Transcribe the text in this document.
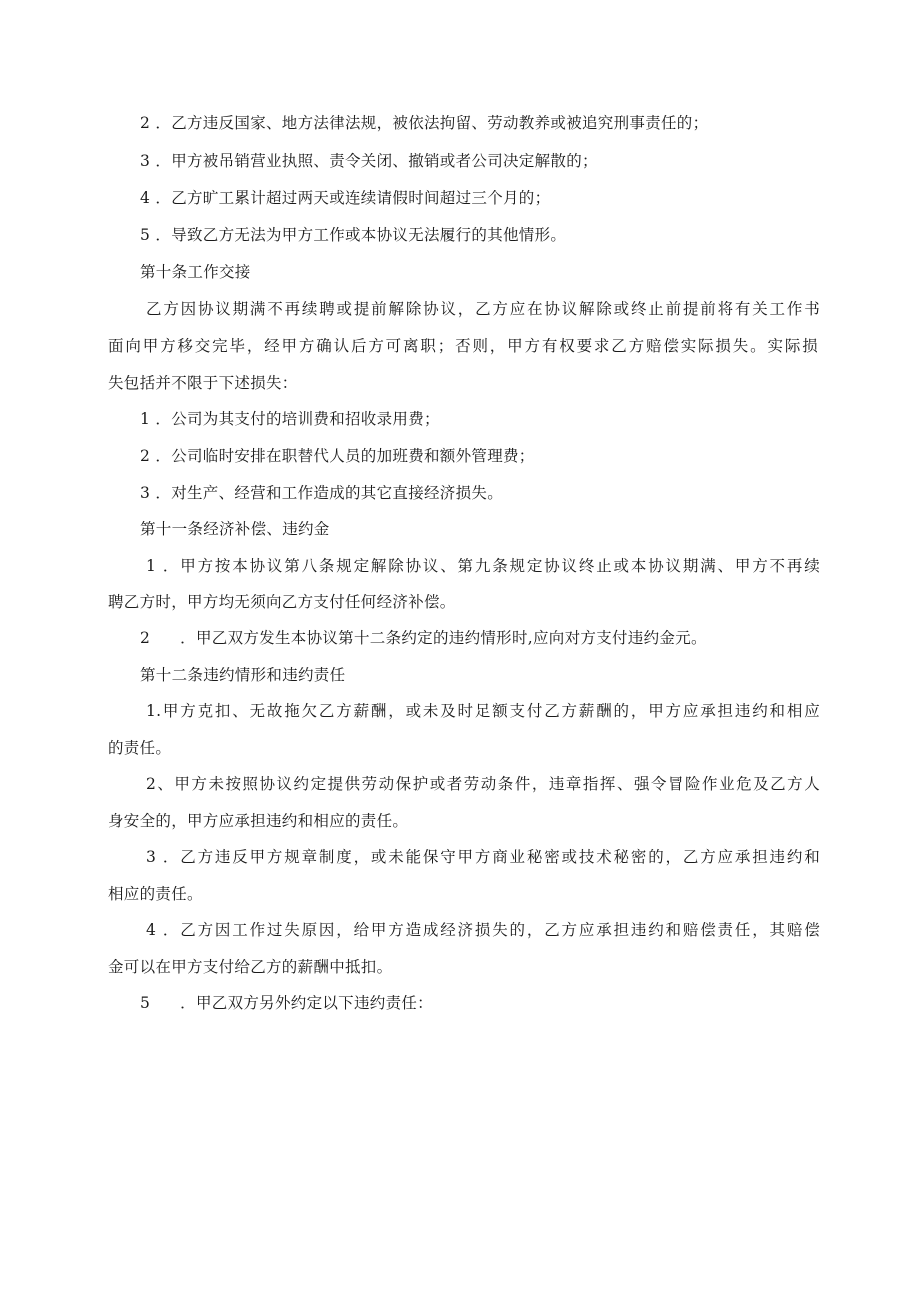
2 ．乙方违反国家、地方法律法规，被依法拘留、劳动教养或被追究刑事责任的；
3 ．甲方被吊销营业执照、责令关闭、撤销或者公司决定解散的；
4 ．乙方旷工累计超过两天或连续请假时间超过三个月的；
5 ．导致乙方无法为甲方工作或本协议无法履行的其他情形。
第十条工作交接
乙方因协议期满不再续聘或提前解除协议，乙方应在协议解除或终止前提前将有关工作书
面向甲方移交完毕，经甲方确认后方可离职；否则，甲方有权要求乙方赔偿实际损失。实际损
失包括并不限于下述损失：
1 ．公司为其支付的培训费和招收录用费；
2 ．公司临时安排在职替代人员的加班费和额外管理费；
3 ．对生产、经营和工作造成的其它直接经济损失。
第十一条经济补偿、违约金
1 ．甲方按本协议第八条规定解除协议、第九条规定协议终止或本协议期满、甲方不再续
聘乙方时，甲方均无须向乙方支付任何经济补偿。
2 ．甲乙双方发生本协议第十二条约定的违约情形时,应向对方支付违约金元。
第十二条违约情形和违约责任
1.甲方克扣、无故拖欠乙方薪酬，或未及时足额支付乙方薪酬的，甲方应承担违约和相应
的责任。
2、甲方未按照协议约定提供劳动保护或者劳动条件，违章指挥、强令冒险作业危及乙方人
身安全的，甲方应承担违约和相应的责任。
3 ．乙方违反甲方规章制度，或未能保守甲方商业秘密或技术秘密的，乙方应承担违约和
相应的责任。
4 ．乙方因工作过失原因，给甲方造成经济损失的，乙方应承担违约和赔偿责任，其赔偿
金可以在甲方支付给乙方的薪酬中抵扣。
5 ．甲乙双方另外约定以下违约责任：
